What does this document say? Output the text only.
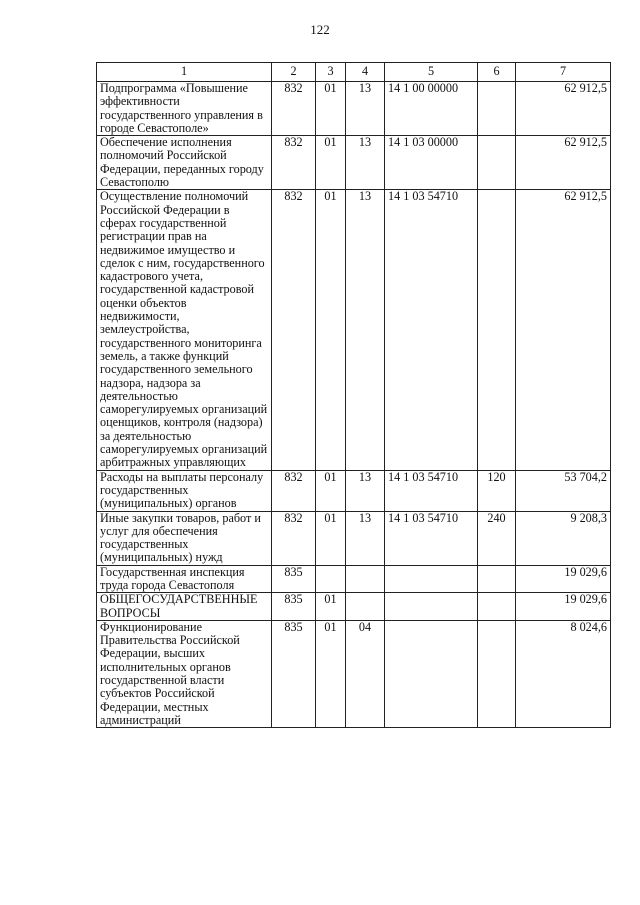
122
1	2	3	4	5	6	7
Подпрограмма «Повышение эффективности государственного управления в городе Севастополе»	832	01	13	14 1 00 00000		62 912,5
Обеспечение исполнения полномочий Российской Федерации, переданных городу Севастополю	832	01	13	14 1 03 00000		62 912,5
Осуществление полномочий Российской Федерации в сферах государственной регистрации прав на недвижимое имущество и сделок с ним, государственного кадастрового учета, государственной кадастровой оценки объектов недвижимости, землеустройства, государственного мониторинга земель, а также функций государственного земельного надзора, надзора за деятельностью саморегулируемых организаций оценщиков, контроля (надзора) за деятельностью саморегулируемых организаций арбитражных управляющих	832	01	13	14 1 03 54710		62 912,5
Расходы на выплаты персоналу государственных (муниципальных) органов	832	01	13	14 1 03 54710	120	53 704,2
Иные закупки товаров, работ и услуг для обеспечения государственных (муниципальных) нужд	832	01	13	14 1 03 54710	240	9 208,3
Государственная инспекция труда города Севастополя	835					19 029,6
ОБЩЕГОСУДАРСТВЕННЫЕ ВОПРОСЫ	835	01				19 029,6
Функционирование Правительства Российской Федерации, высших исполнительных органов государственной власти субъектов Российской Федерации, местных администраций	835	01	04			8 024,6
